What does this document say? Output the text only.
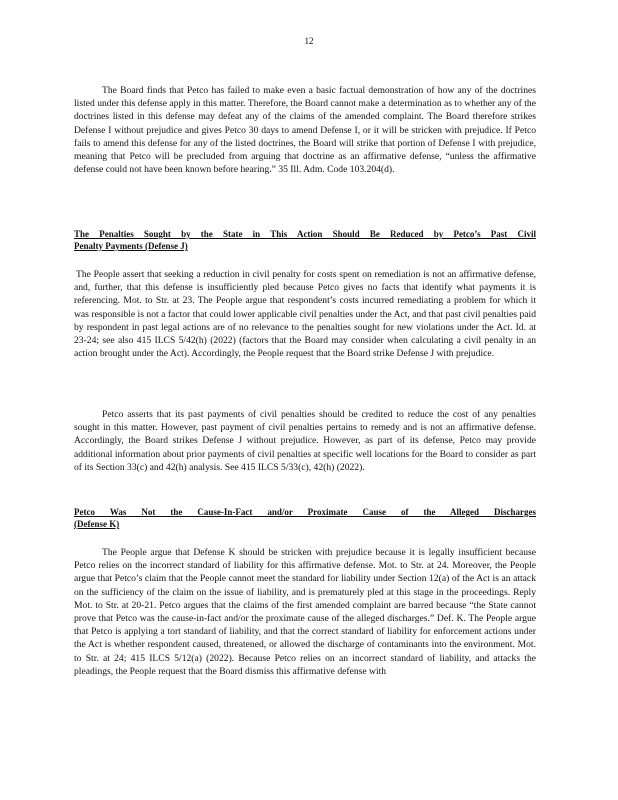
12

The Board finds that Petco has failed to make even a basic factual demonstration of how any of the doctrines listed under this defense apply in this matter. Therefore, the Board cannot make a determination as to whether any of the doctrines listed in this defense may defeat any of the claims of the amended complaint. The Board therefore strikes Defense I without prejudice and gives Petco 30 days to amend Defense I, or it will be stricken with prejudice. If Petco fails to amend this defense for any of the listed doctrines, the Board will strike that portion of Defense I with prejudice, meaning that Petco will be precluded from arguing that doctrine as an affirmative defense, “unless the affirmative defense could not have been known before hearing.” 35 Ill. Adm. Code 103.204(d).

The Penalties Sought by the State in This Action Should Be Reduced by Petco’s Past Civil
Penalty Payments (Defense J)

The People assert that seeking a reduction in civil penalty for costs spent on remediation is not an affirmative defense, and, further, that this defense is insufficiently pled because Petco gives no facts that identify what payments it is referencing. Mot. to Str. at 23. The People argue that respondent’s costs incurred remediating a problem for which it was responsible is not a factor that could lower applicable civil penalties under the Act, and that past civil penalties paid by respondent in past legal actions are of no relevance to the penalties sought for new violations under the Act. Id. at 23-24; see also 415 ILCS 5/42(h) (2022) (factors that the Board may consider when calculating a civil penalty in an action brought under the Act). Accordingly, the People request that the Board strike Defense J with prejudice.

Petco asserts that its past payments of civil penalties should be credited to reduce the cost of any penalties sought in this matter. However, past payment of civil penalties pertains to remedy and is not an affirmative defense. Accordingly, the Board strikes Defense J without prejudice. However, as part of its defense, Petco may provide additional information about prior payments of civil penalties at specific well locations for the Board to consider as part of its Section 33(c) and 42(h) analysis. See 415 ILCS 5/33(c), 42(h) (2022).

Petco Was Not the Cause-In-Fact and/or Proximate Cause of the Alleged Discharges
(Defense K)

The People argue that Defense K should be stricken with prejudice because it is legally insufficient because Petco relies on the incorrect standard of liability for this affirmative defense. Mot. to Str. at 24. Moreover, the People argue that Petco’s claim that the People cannot meet the standard for liability under Section 12(a) of the Act is an attack on the sufficiency of the claim on the issue of liability, and is prematurely pled at this stage in the proceedings. Reply Mot. to Str. at 20-21. Petco argues that the claims of the first amended complaint are barred because “the State cannot prove that Petco was the cause-in-fact and/or the proximate cause of the alleged discharges.” Def. K. The People argue that Petco is applying a tort standard of liability, and that the correct standard of liability for enforcement actions under the Act is whether respondent caused, threatened, or allowed the discharge of contaminants into the environment. Mot. to Str. at 24; 415 ILCS 5/12(a) (2022). Because Petco relies on an incorrect standard of liability, and attacks the pleadings, the People request that the Board dismiss this affirmative defense with
